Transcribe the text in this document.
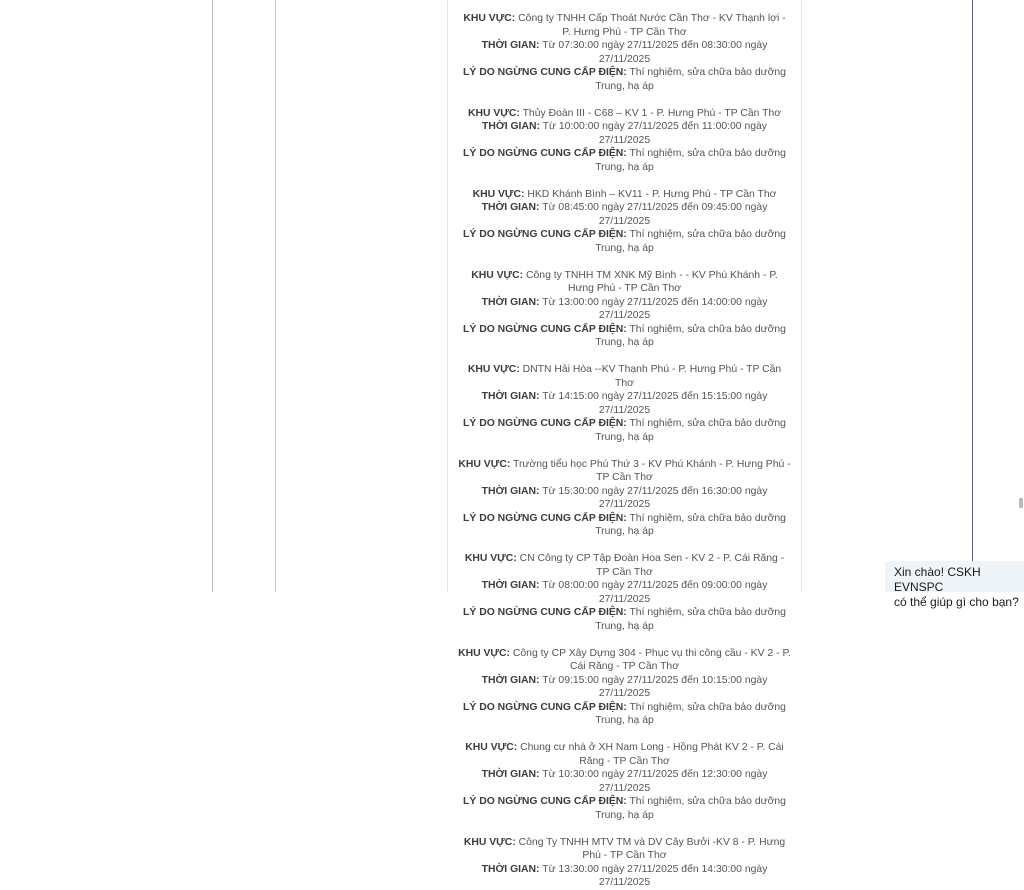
KHU VỰC: Công ty TNHH Cấp Thoát Nước Cần Thơ - KV Thạnh lợi - P. Hưng Phú - TP Cần Thơ

THỜI GIAN: Từ 07:30:00 ngày 27/11/2025 đến 08:30:00 ngày 27/11/2025

LÝ DO NGỪNG CUNG CẤP ĐIỆN: Thí nghiệm, sửa chữa bảo dưỡng Trung, hạ áp

KHU VỰC: Thủy Đoàn III - C68 – KV 1 - P. Hưng Phú - TP Cần Thơ

THỜI GIAN: Từ 10:00:00 ngày 27/11/2025 đến 11:00:00 ngày 27/11/2025

LÝ DO NGỪNG CUNG CẤP ĐIỆN: Thí nghiệm, sửa chữa bảo dưỡng Trung, hạ áp

KHU VỰC: HKD Khánh Bình – KV11 - P. Hưng Phú - TP Cần Thơ

THỜI GIAN: Từ 08:45:00 ngày 27/11/2025 đến 09:45:00 ngày 27/11/2025

LÝ DO NGỪNG CUNG CẤP ĐIỆN: Thí nghiệm, sửa chữa bảo dưỡng Trung, hạ áp

KHU VỰC: Công ty TNHH TM XNK Mỹ Bình - - KV Phú Khánh - P. Hưng Phú - TP Cần Thơ

THỜI GIAN: Từ 13:00:00 ngày 27/11/2025 đến 14:00:00 ngày 27/11/2025

LÝ DO NGỪNG CUNG CẤP ĐIỆN: Thí nghiệm, sửa chữa bảo dưỡng Trung, hạ áp

KHU VỰC: DNTN Hải Hòa --KV Thạnh Phú - P. Hưng Phú - TP Cần Thơ

THỜI GIAN: Từ 14:15:00 ngày 27/11/2025 đến 15:15:00 ngày 27/11/2025

LÝ DO NGỪNG CUNG CẤP ĐIỆN: Thí nghiệm, sửa chữa bảo dưỡng Trung, hạ áp

KHU VỰC: Trường tiểu học Phú Thứ 3 - KV Phú Khánh - P. Hưng Phú - TP Cần Thơ

THỜI GIAN: Từ 15:30:00 ngày 27/11/2025 đến 16:30:00 ngày 27/11/2025

LÝ DO NGỪNG CUNG CẤP ĐIỆN: Thí nghiệm, sửa chữa bảo dưỡng Trung, hạ áp

KHU VỰC: CN Công ty CP Tập Đoàn Hoa Sen - KV 2 - P. Cái Răng - TP Cần Thơ

THỜI GIAN: Từ 08:00:00 ngày 27/11/2025 đến 09:00:00 ngày 27/11/2025

LÝ DO NGỪNG CUNG CẤP ĐIỆN: Thí nghiệm, sửa chữa bảo dưỡng Trung, hạ áp

KHU VỰC: Công ty CP Xây Dựng 304 - Phục vụ thi công cầu - KV 2 - P. Cái Răng - TP Cần Thơ

THỜI GIAN: Từ 09:15:00 ngày 27/11/2025 đến 10:15:00 ngày 27/11/2025

LÝ DO NGỪNG CUNG CẤP ĐIỆN: Thí nghiệm, sửa chữa bảo dưỡng Trung, hạ áp

KHU VỰC: Chung cư nhà ở XH Nam Long - Hồng Phát KV 2 - P. Cái Răng - TP Cần Thơ

THỜI GIAN: Từ 10:30:00 ngày 27/11/2025 đến 12:30:00 ngày 27/11/2025

LÝ DO NGỪNG CUNG CẤP ĐIỆN: Thí nghiệm, sửa chữa bảo dưỡng Trung, hạ áp

KHU VỰC: Công Ty TNHH MTV TM và DV Cây Bưởi -KV 8 - P. Hưng Phú - TP Cần Thơ

THỜI GIAN: Từ 13:30:00 ngày 27/11/2025 đến 14:30:00 ngày 27/11/2025

Xin chào! CSKH EVNSPC
có thể giúp gì cho bạn?
